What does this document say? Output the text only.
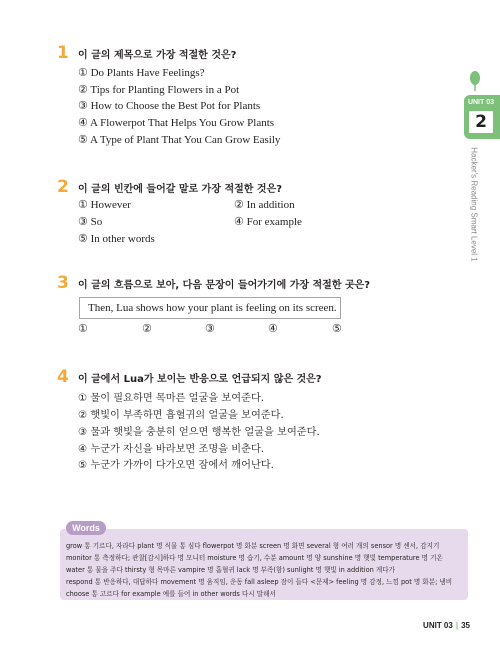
UNIT 03
2
Hacker's Reading Smart Level 1
1 이 글의 제목으로 가장 적절한 것은?
① Do Plants Have Feelings?
② Tips for Planting Flowers in a Pot
③ How to Choose the Best Pot for Plants
④ A Flowerpot That Helps You Grow Plants
⑤ A Type of Plant That You Can Grow Easily
2 이 글의 빈칸에 들어갈 말로 가장 적절한 것은?
① However	② In addition
③ So	④ For example
⑤ In other words
3 이 글의 흐름으로 보아, 다음 문장이 들어가기에 가장 적절한 곳은?
Then, Lua shows how your plant is feeling on its screen.
①	②	③	④	⑤
4 이 글에서 Lua가 보이는 반응으로 언급되지 않은 것은?
① 물이 필요하면 목마른 얼굴을 보여준다.
② 햇빛이 부족하면 흡혈귀의 얼굴을 보여준다.
③ 물과 햇빛을 충분히 얻으면 행복한 얼굴을 보여준다.
④ 누군가 자신을 바라보면 조명을 비춘다.
⑤ 누군가 가까이 다가오면 잠에서 깨어난다.
Words
grow 통 기르다, 자라다 plant 명 식물 통 심다 flowerpot 명 화분 screen 명 화면 several 형 여러 개의 sensor 명 센서, 감지기
monitor 통 측정하다; 관찰[감시]하다 명 모니터 moisture 명 습기, 수분 amount 명 양 sunshine 명 햇빛 temperature 명 기온
water 통 물을 주다 thirsty 형 목마른 vampire 명 흡혈귀 lack 명 부족(함) sunlight 명 햇빛 in addition 게다가
respond 통 반응하다, 대답하다 movement 명 움직임, 운동 fall asleep 잠이 들다 <문제> feeling 명 감정, 느낌 pot 명 화분; 냄비
choose 통 고르다 for example 예를 들어 in other words 다시 말해서
UNIT 03 | 35
